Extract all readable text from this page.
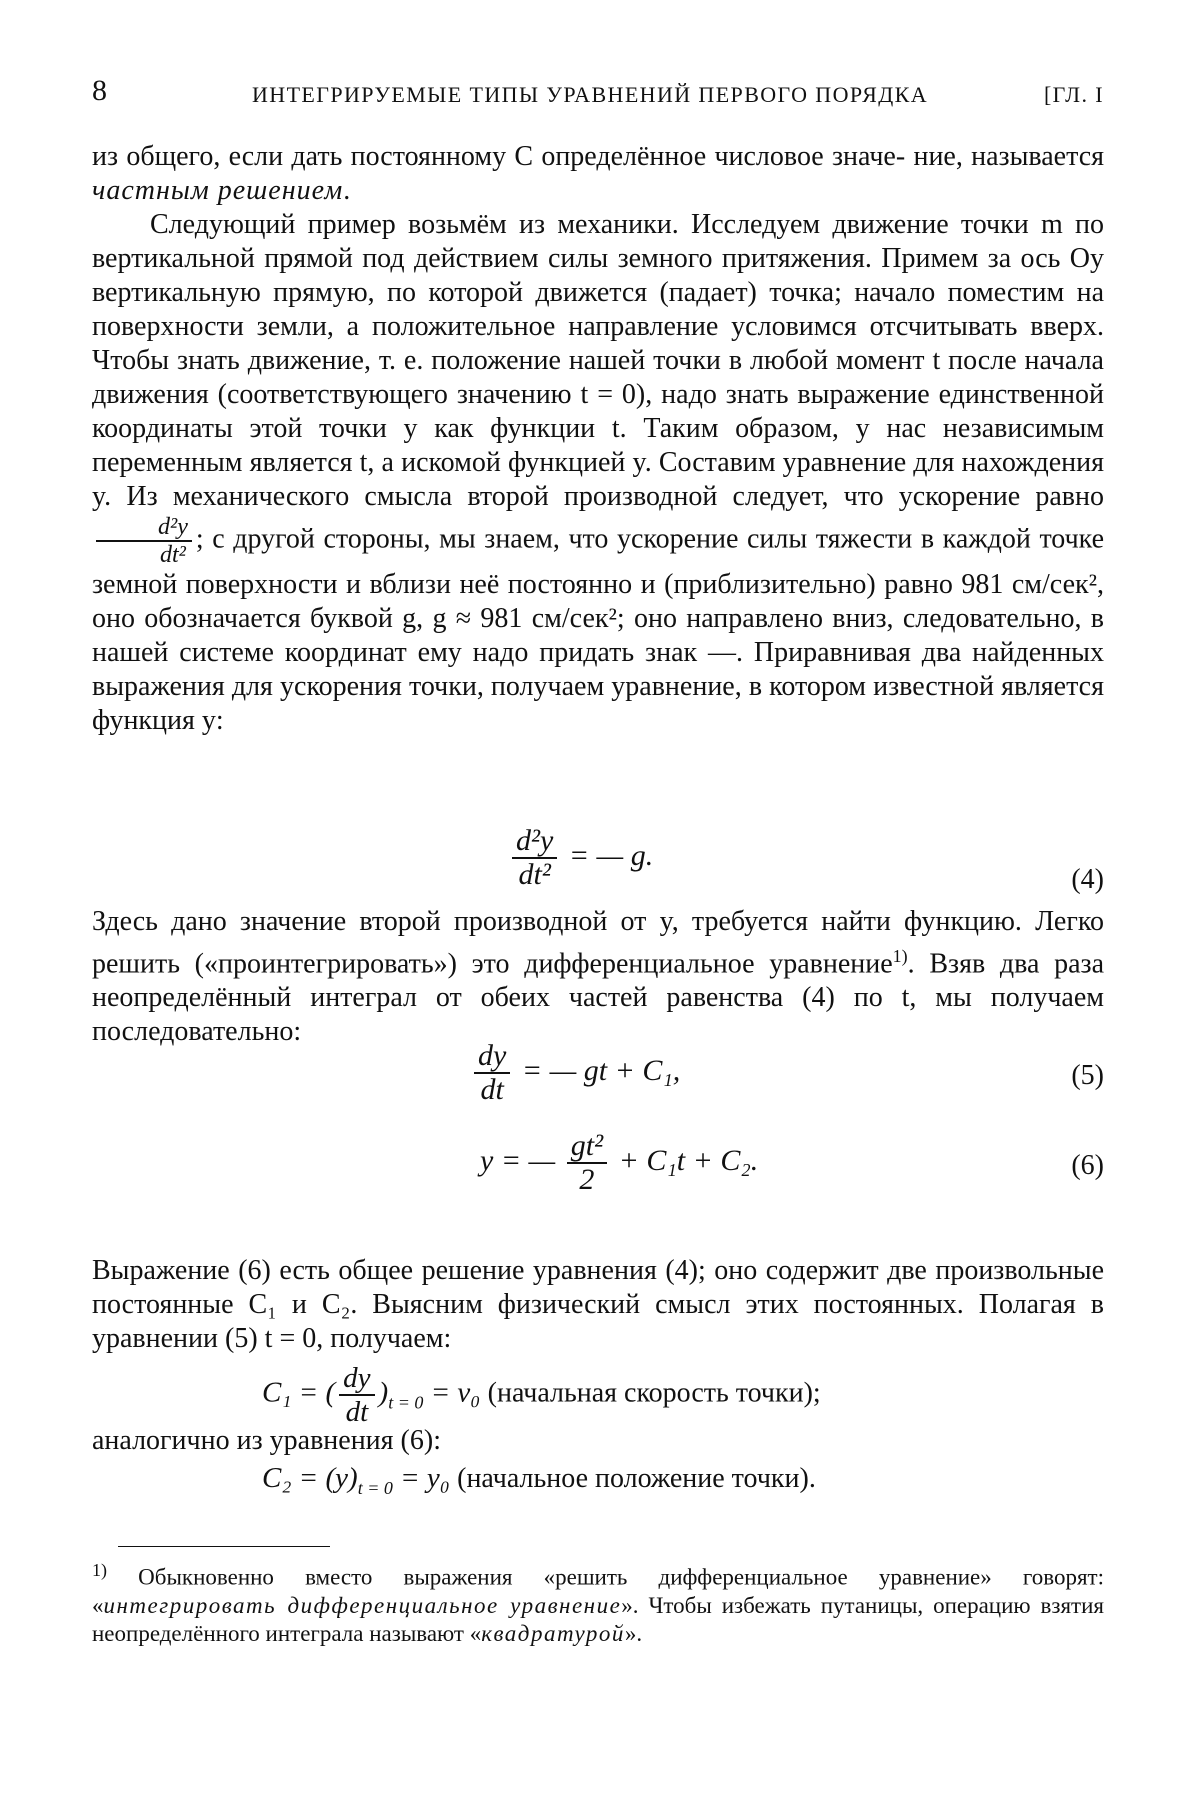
8	ИНТЕГРИРУЕМЫЕ ТИПЫ УРАВНЕНИЙ ПЕРВОГО ПОРЯДКА	[ГЛ. I

из общего, если дать постоянному C определённое числовое значе- ние, называется частным решением.

Следующий пример возьмём из механики. Исследуем движение точки m по вертикальной прямой под действием силы земного притяжения. Примем за ось Oy вертикальную прямую, по которой движется (падает) точка; начало поместим на поверхности земли, а положительное направление условимся отсчитывать вверх. Чтобы знать движение, т. е. положение нашей точки в любой момент t после начала движения (соответствующего значению t = 0), надо знать выражение единственной координаты этой точки y как функции t. Таким образом, у нас независимым переменным является t, а искомой функцией y. Составим уравнение для нахождения y. Из механического смысла второй производной следует, что ускорение равно
$\frac{\text{d²y}}{\text{dt²}}$ ; с другой стороны, мы знаем, что ускорение силы тяжести в каждой точке земной поверхности и вблизи неё постоянно и (приблизительно) равно 981 см/сек², оно обозначается буквой g, g ≈ 981 см/сек²; оно направлено вниз, следовательно, в нашей системе координат ему надо придать знак —. Приравнивая два найденных выражения для ускорения точки, получаем уравнение, в котором известной является функция y:

$\frac{\text{d²y}}{\text{dt²}}$ = — g.
(4)

Здесь дано значение второй производной от y, требуется найти функцию. Легко решить («проинтегрировать») это дифференциальное уравнение$^{1)}$. Взяв два раза неопределённый интеграл от обеих частей равенства (4) по t, мы получаем последовательно:

$\frac{dy}{dt}$ = — gt + C₁,	(5)
y = — $\frac{\text{gt²}}{2} + C_1t + C_2$.	(6)

Выражение (6) есть общее решение уравнения (4); оно содержит две произвольные постоянные C₁ и C₂. Выясним физический смысл этих постоянных. Полагая в уравнении (5) t = 0, получаем:

C₁ = ( $\frac{dy}{dt} )_{t = 0} = v_0$ (начальная скорость точки);

аналогично из уравнения (6):

$C_2 = (y)_{t = 0} = y_0$ (начальное положение точки).
$^{1)}$ Обыкновенно вместо выражения «решить дифференциальное уравнение» говорят: «интегрировать дифференциальное уравнение». Чтобы избежать путаницы, операцию взятия неопределённого интеграла называют «квадратурой».
